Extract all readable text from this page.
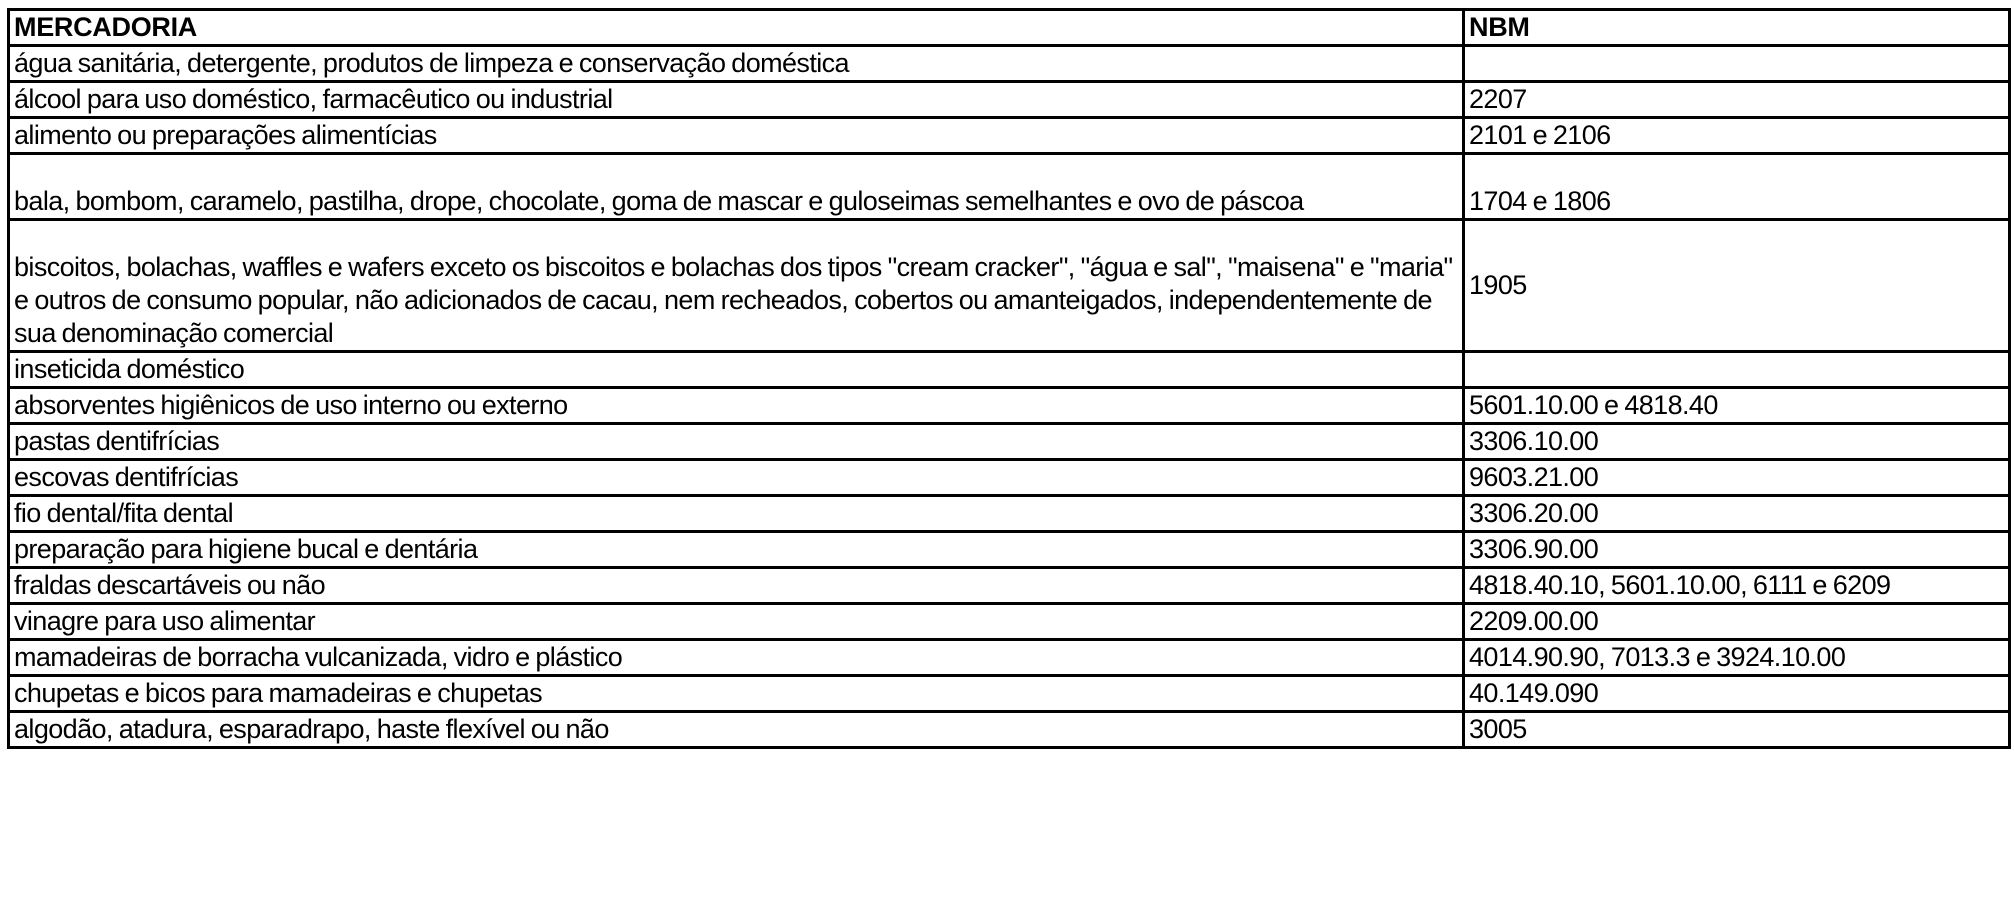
MERCADORIA	NBM
água sanitária, detergente, produtos de limpeza e conservação doméstica	
álcool para uso doméstico, farmacêutico ou industrial	2207
alimento ou preparações alimentícias	2101 e 2106
bala, bombom, caramelo, pastilha, drope, chocolate, goma de mascar e guloseimas semelhantes e ovo de páscoa	1704 e 1806
biscoitos, bolachas, waffles e wafers exceto os biscoitos e bolachas dos tipos "cream cracker", "água e sal", "maisena" e "maria" e outros de consumo popular, não adicionados de cacau, nem recheados, cobertos ou amanteigados, independentemente de sua denominação comercial	1905
inseticida doméstico	
absorventes higiênicos de uso interno ou externo	5601.10.00 e 4818.40
pastas dentifrícias	3306.10.00
escovas dentifrícias	9603.21.00
fio dental/fita dental	3306.20.00
preparação para higiene bucal e dentária	3306.90.00
fraldas descartáveis ou não	4818.40.10, 5601.10.00, 6111 e 6209
vinagre para uso alimentar	2209.00.00
mamadeiras de borracha vulcanizada, vidro e plástico	4014.90.90, 7013.3 e 3924.10.00
chupetas e bicos para mamadeiras e chupetas	40.149.090
algodão, atadura, esparadrapo, haste flexível ou não	3005
